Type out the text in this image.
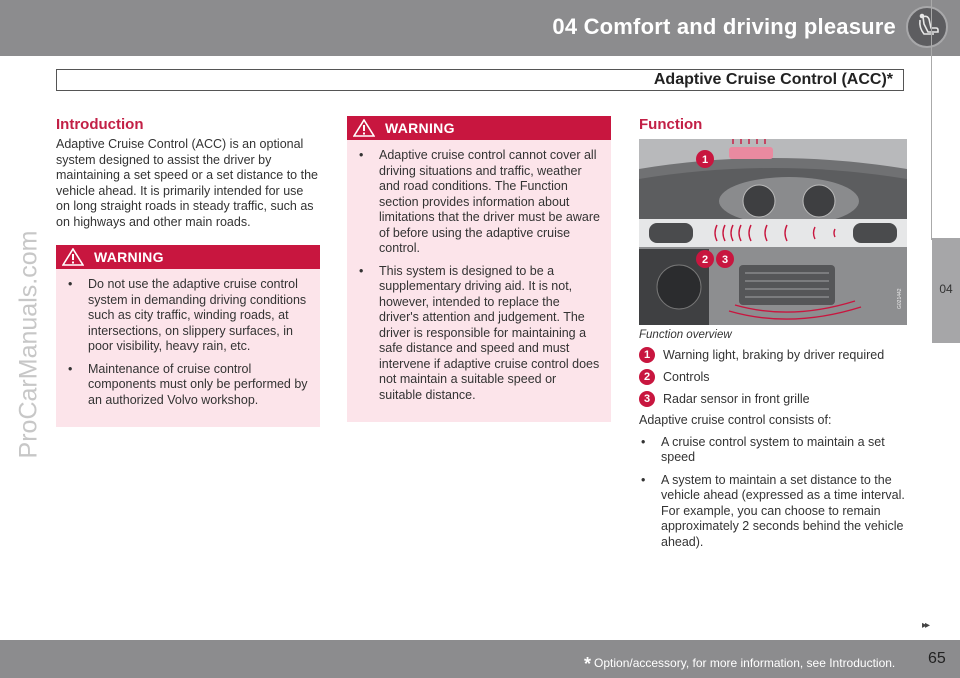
04 Comfort and driving pleasure
Adaptive Cruise Control (ACC)*
04
ProCarManuals.com
Introduction

Adaptive Cruise Control (ACC) is an optional system designed to assist the driver by maintaining a set speed or a set distance to the vehicle ahead. It is primarily intended for use on long straight roads in steady traffic, such as on highways and other main roads.

WARNING
• Do not use the adaptive cruise control system in demanding driving conditions such as city traffic, winding roads, at intersections, on slippery surfaces, in poor visibility, heavy rain, etc.
• Maintenance of cruise control components must only be performed by an authorized Volvo workshop.
WARNING
• Adaptive cruise control cannot cover all driving situations and traffic, weather and road conditions. The Function section provides information about limitations that the driver must be aware of before using the adaptive cruise control.
• This system is designed to be a supplementary driving aid. It is not, however, intended to replace the driver's attention and judgement. The driver is responsible for maintaining a safe distance and speed and must intervene if adaptive cruise control does not maintain a suitable speed or suitable distance.
Function
1
2 3
G021442
Function overview
1	Warning light, braking by driver required
2	Controls
3	Radar sensor in front grille

Adaptive cruise control consists of:

• A cruise control system to maintain a set speed
• A system to maintain a set distance to the vehicle ahead (expressed as a time interval. For example, you can choose to remain approximately 2 seconds behind the vehicle ahead).
▸▸
* Option/accessory, for more information, see Introduction. 65
